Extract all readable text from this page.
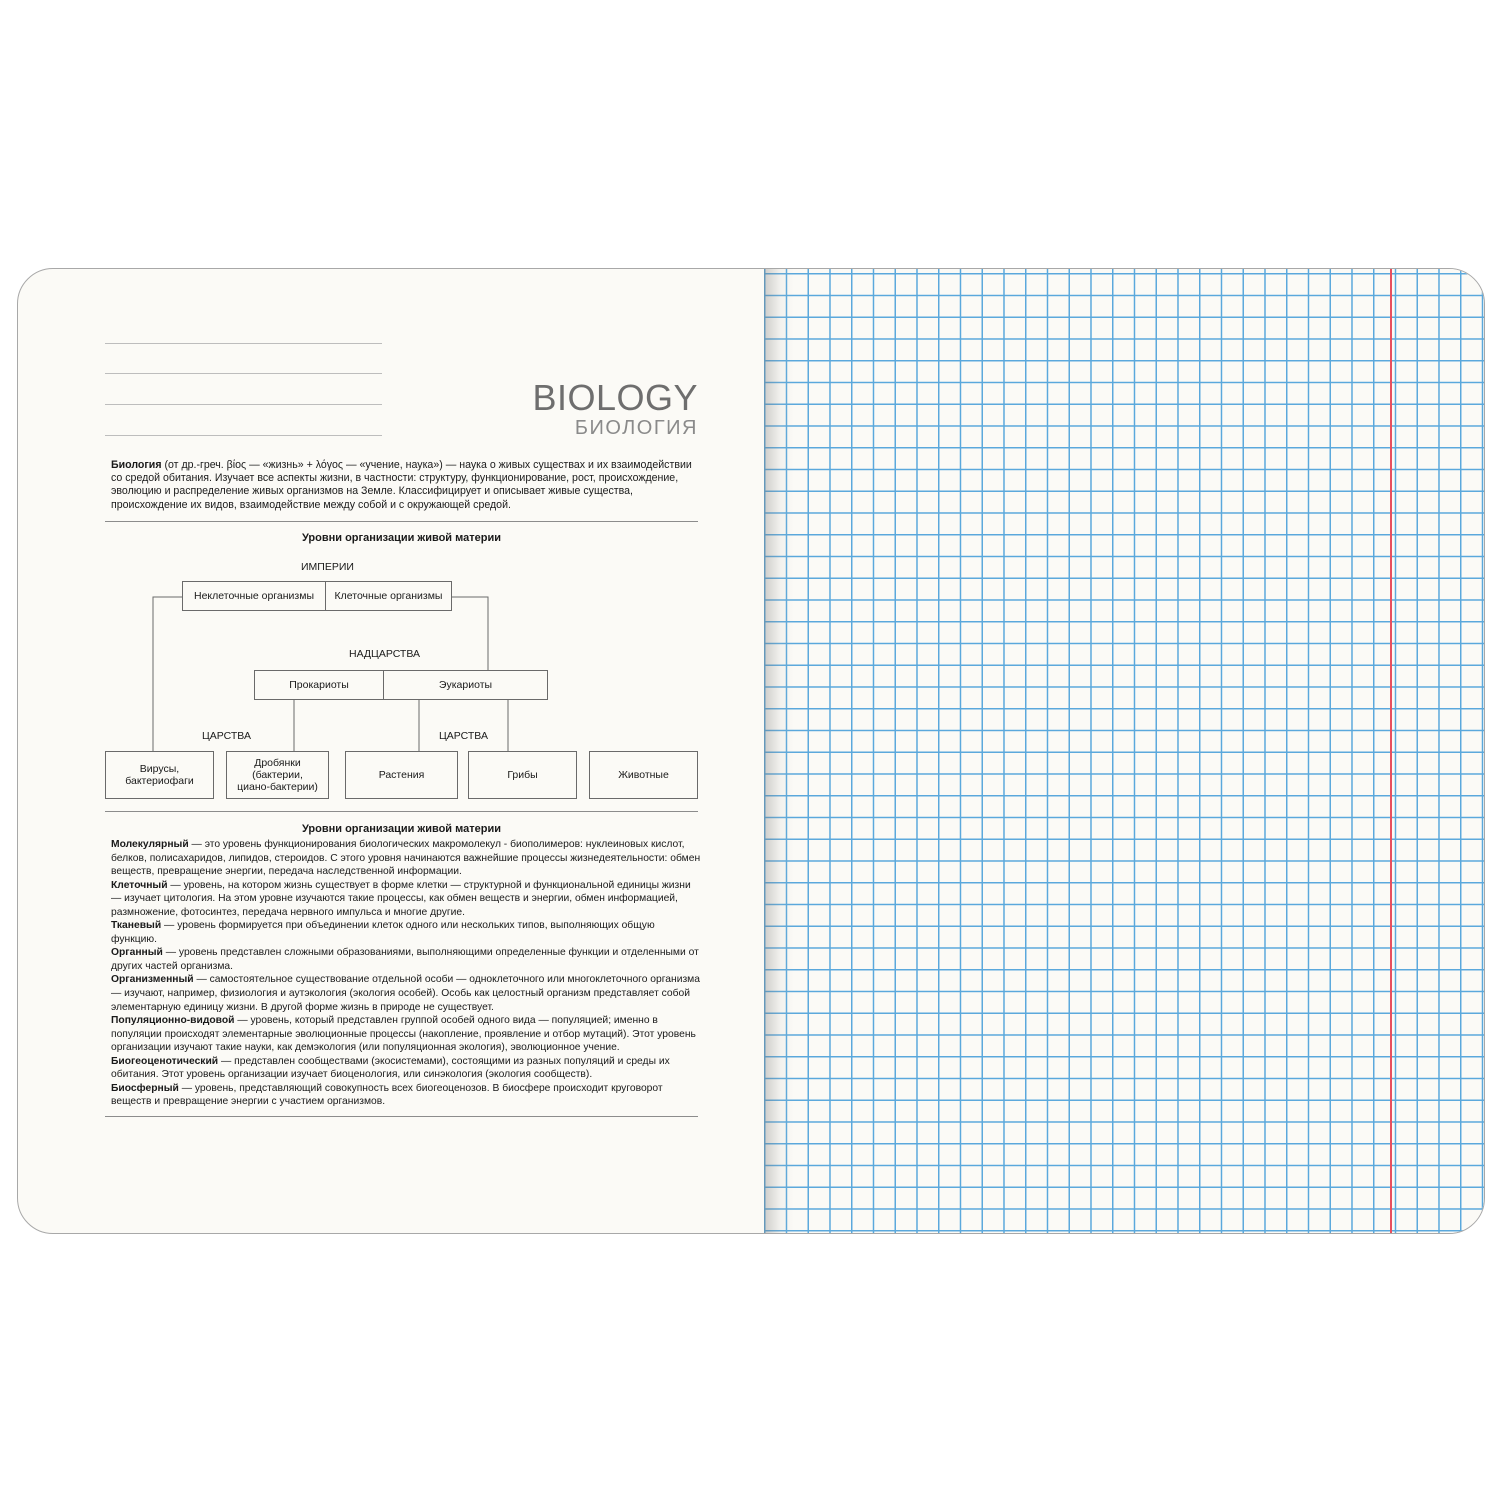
BIOLOGY
БИОЛОГИЯ
Биология (от др.-греч. βίος — «жизнь» + λόγος — «учение, наука») — наука о живых существах и их взаимодействии со средой обитания. Изучает все аспекты жизни, в частности: структуру, функционирование, рост, происхождение, эволюцию и распределение живых организмов на Земле. Классифицирует и описывает живые существа, происхождение их видов, взаимодействие между собой и с окружающей средой.
Уровни организации живой материи
ИМПЕРИИ
Неклеточные организмы Клеточные организмы
НАДЦАРСТВА
Прокариоты	Эукариоты
ЦАРСТВА	ЦАРСТВА
Вирусы,
бактериофаги
Дробянки
(бактерии,
циано-бактерии)
Растения	Грибы	Животные
Уровни организации живой материи

Молекулярный — это уровень функционирования биологических макромолекул - биополимеров: нуклеиновых кислот, белков, полисахаридов, липидов, стероидов. С этого уровня начинаются важнейшие процессы жизнедеятельности: обмен веществ, превращение энергии, передача наследственной информации.

Клеточный — уровень, на котором жизнь существует в форме клетки — структурной и функциональной единицы жизни — изучает цитология. На этом уровне изучаются такие процессы, как обмен веществ и энергии, обмен информацией, размножение, фотосинтез, передача нервного импульса и многие другие.

Тканевый — уровень формируется при объединении клеток одного или нескольких типов, выполняющих общую функцию.

Органный — уровень представлен сложными образованиями, выполняющими определенные функции и отделенными от других частей организма.

Организменный — самостоятельное существование отдельной особи — одноклеточного или многоклеточного организма — изучают, например, физиология и аутэкология (экология особей). Особь как целостный организм представляет собой элементарную единицу жизни. В другой форме жизнь в природе не существует.

Популяционно-видовой — уровень, который представлен группой особей одного вида — популяцией; именно в популяции происходят элементарные эволюционные процессы (накопление, проявление и отбор мутаций). Этот уровень организации изучают такие науки, как демэкология (или популяционная экология), эволюционное учение.

Биогеоценотический — представлен сообществами (экосистемами), состоящими из разных популяций и среды их обитания. Этот уровень организации изучает биоценология, или синэкология (экология сообществ).

Биосферный — уровень, представляющий совокупность всех биогеоценозов. В биосфере происходит круговорот веществ и превращение энергии с участием организмов.
